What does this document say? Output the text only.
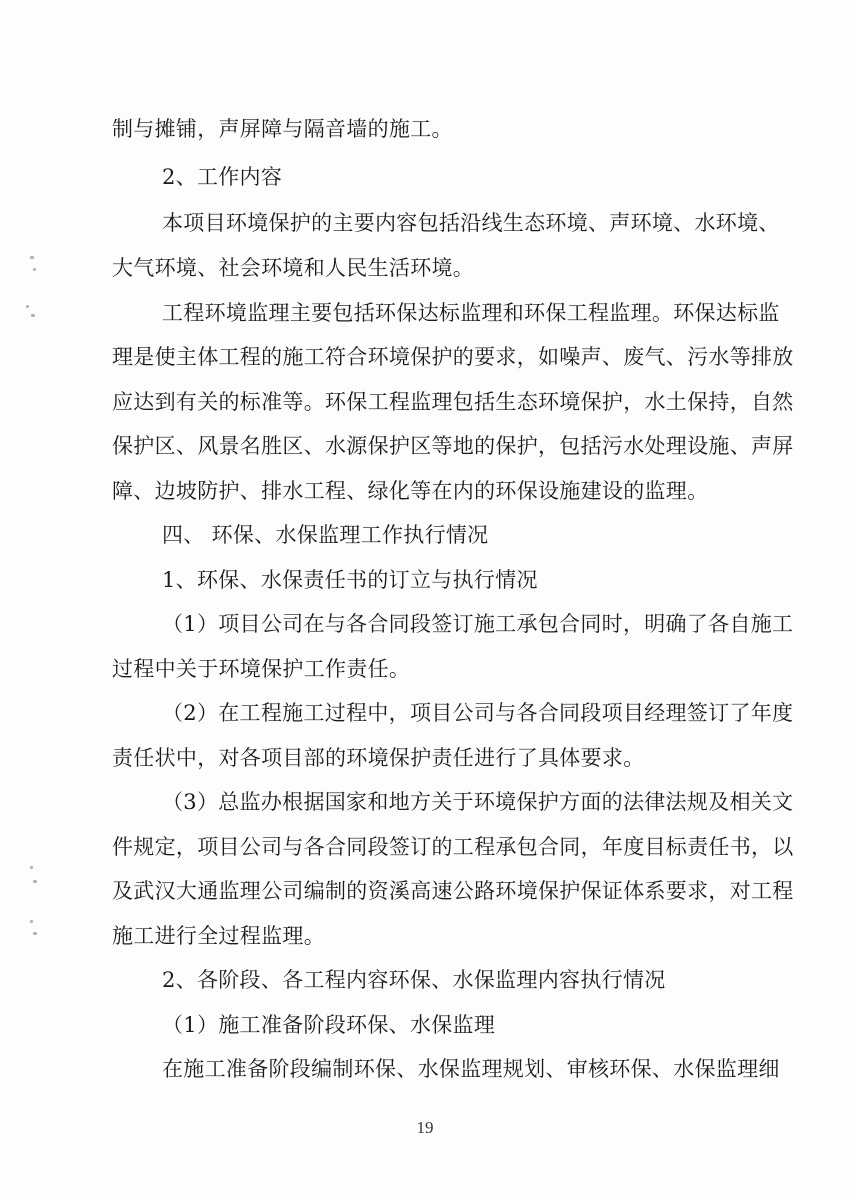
制与摊铺，声屏障与隔音墙的施工。
2、工作内容
本项目环境保护的主要内容包括沿线生态环境、声环境、水环境、
大气环境、社会环境和人民生活环境。
工程环境监理主要包括环保达标监理和环保工程监理。环保达标监
理是使主体工程的施工符合环境保护的要求，如噪声、废气、污水等排放
应达到有关的标准等。环保工程监理包括生态环境保护，水土保持，自然
保护区、风景名胜区、水源保护区等地的保护，包括污水处理设施、声屏
障、边坡防护、排水工程、绿化等在内的环保设施建设的监理。
四、 环保、水保监理工作执行情况
1、环保、水保责任书的订立与执行情况
（1）项目公司在与各合同段签订施工承包合同时，明确了各自施工
过程中关于环境保护工作责任。
（2）在工程施工过程中，项目公司与各合同段项目经理签订了年度
责任状中，对各项目部的环境保护责任进行了具体要求。
（3）总监办根据国家和地方关于环境保护方面的法律法规及相关文
件规定，项目公司与各合同段签订的工程承包合同，年度目标责任书，以
及武汉大通监理公司编制的资溪高速公路环境保护保证体系要求，对工程
施工进行全过程监理。
2、各阶段、各工程内容环保、水保监理内容执行情况
（1）施工准备阶段环保、水保监理
在施工准备阶段编制环保、水保监理规划、审核环保、水保监理细
19
